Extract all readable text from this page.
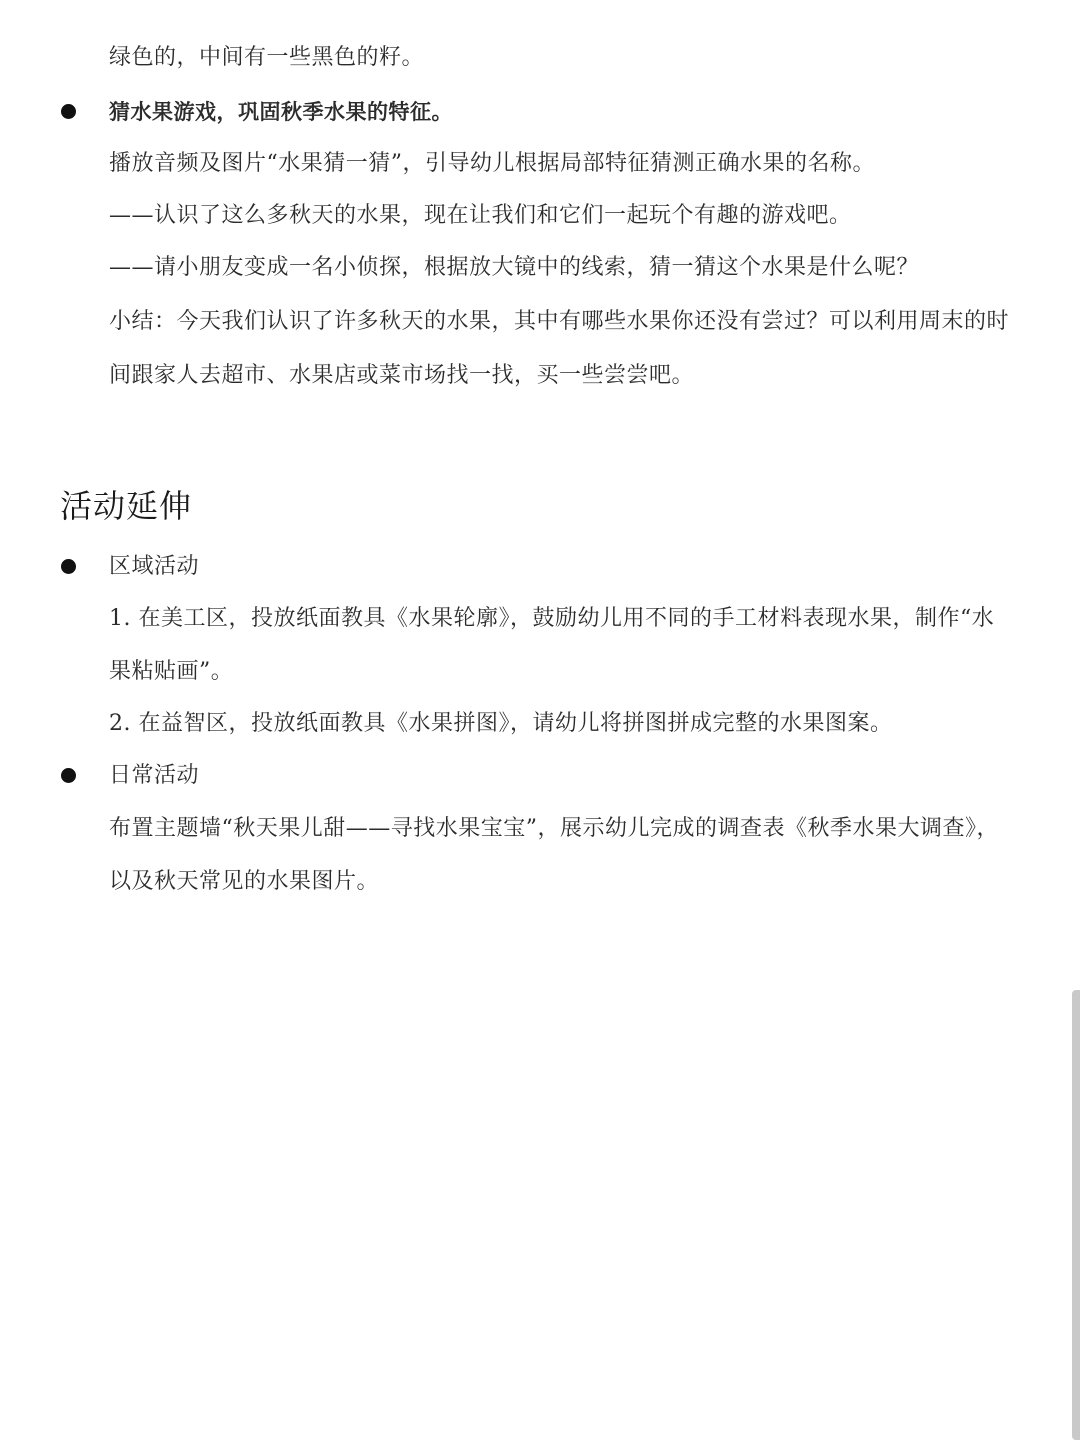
绿色的，中间有一些黑色的籽。
猜水果游戏，巩固秋季水果的特征。
播放音频及图片“水果猜一猜”，引导幼儿根据局部特征猜测正确水果的名称。
——认识了这么多秋天的水果，现在让我们和它们一起玩个有趣的游戏吧。
——请小朋友变成一名小侦探，根据放大镜中的线索，猜一猜这个水果是什么呢？
小结：今天我们认识了许多秋天的水果，其中有哪些水果你还没有尝过？可以利用周末的时
间跟家人去超市、水果店或菜市场找一找，买一些尝尝吧。
活动延伸
区域活动
1. 在美工区，投放纸面教具《水果轮廓》，鼓励幼儿用不同的手工材料表现水果，制作“水
果粘贴画”。
2. 在益智区，投放纸面教具《水果拼图》，请幼儿将拼图拼成完整的水果图案。
日常活动
布置主题墙“秋天果儿甜——寻找水果宝宝”，展示幼儿完成的调查表《秋季水果大调查》，
以及秋天常见的水果图片。
